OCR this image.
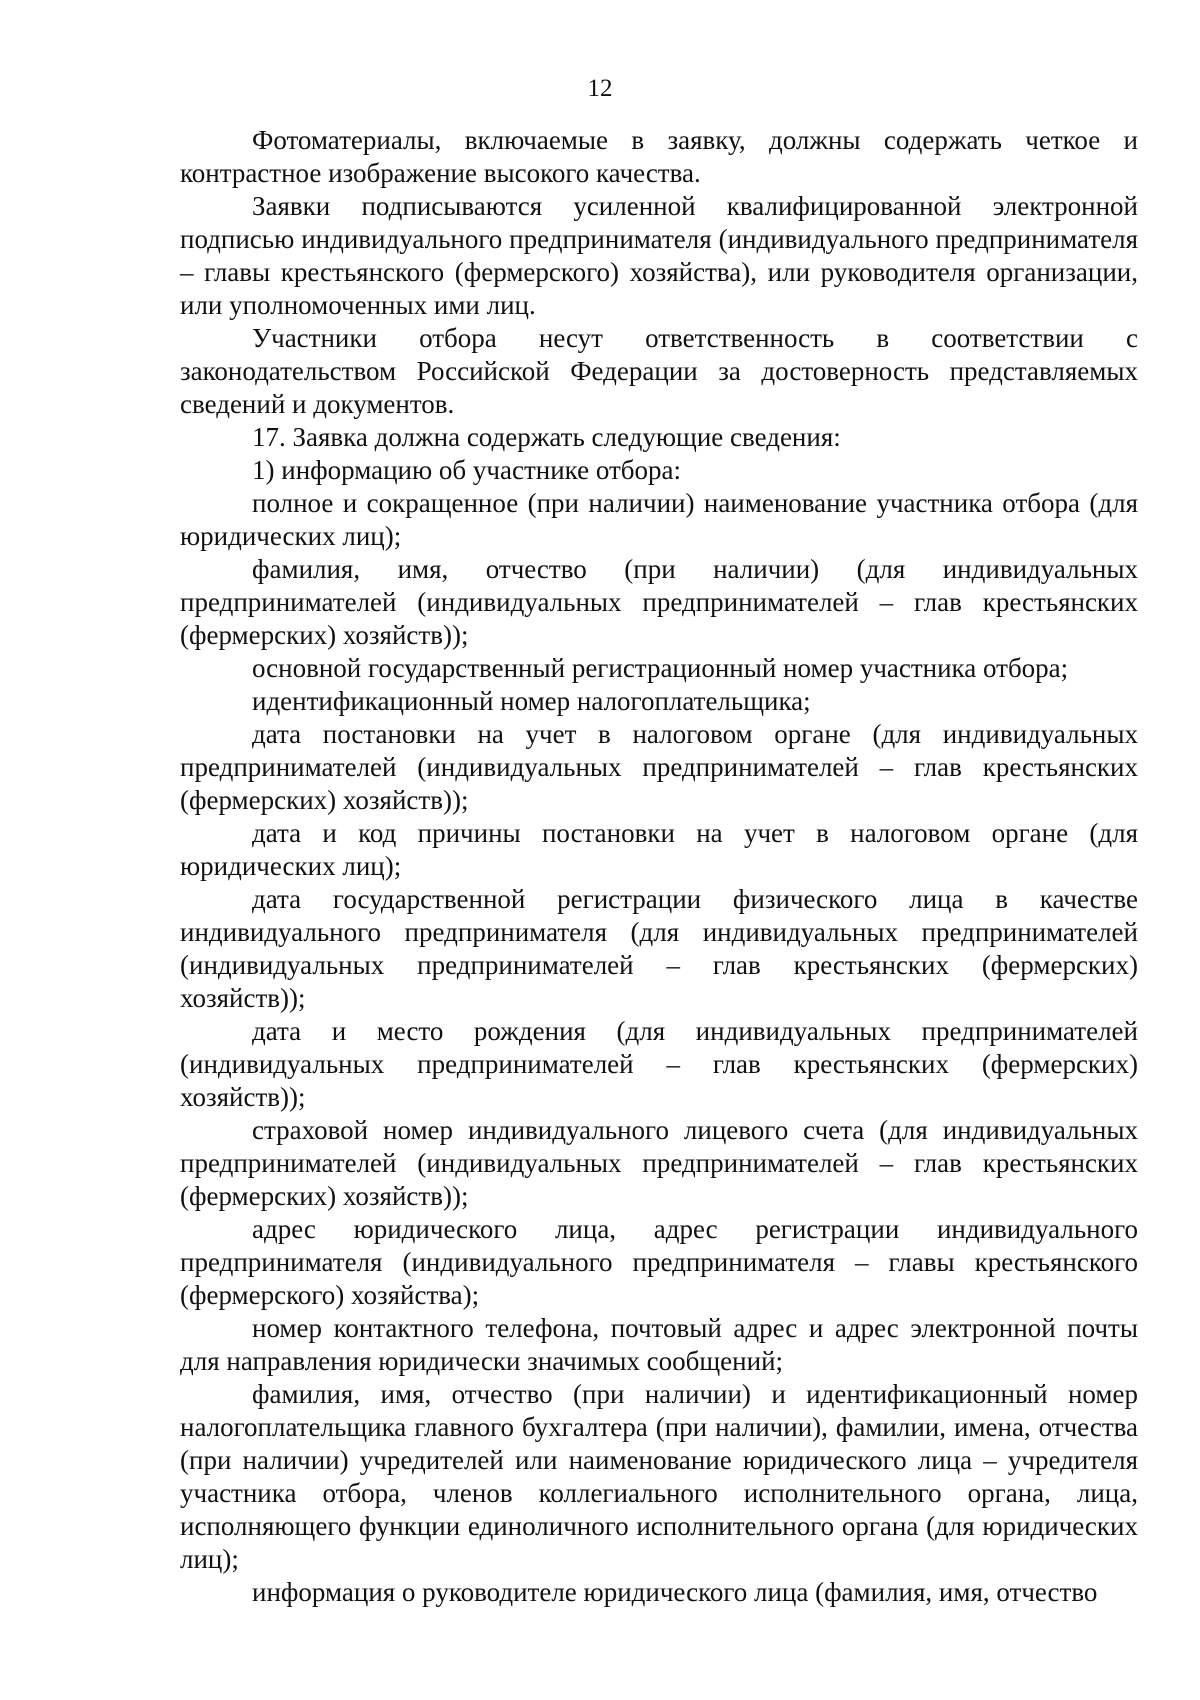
12

Фотоматериалы, включаемые в заявку, должны содержать четкое и контрастное изображение высокого качества.

Заявки подписываются усиленной квалифицированной электронной подписью индивидуального предпринимателя (индивидуального предпринимателя – главы крестьянского (фермерского) хозяйства), или руководителя организации, или уполномоченных ими лиц.

Участники отбора несут ответственность в соответствии с законодательством Российской Федерации за достоверность представляемых сведений и документов.

17. Заявка должна содержать следующие сведения:

1) информацию об участнике отбора:

полное и сокращенное (при наличии) наименование участника отбора (для юридических лиц);

фамилия, имя, отчество (при наличии) (для индивидуальных предпринимателей (индивидуальных предпринимателей – глав крестьянских (фермерских) хозяйств));

основной государственный регистрационный номер участника отбора;

идентификационный номер налогоплательщика;

дата постановки на учет в налоговом органе (для индивидуальных предпринимателей (индивидуальных предпринимателей – глав крестьянских (фермерских) хозяйств));

дата и код причины постановки на учет в налоговом органе (для юридических лиц);

дата государственной регистрации физического лица в качестве индивидуального предпринимателя (для индивидуальных предпринимателей (индивидуальных предпринимателей – глав крестьянских (фермерских) хозяйств));

дата и место рождения (для индивидуальных предпринимателей (индивидуальных предпринимателей – глав крестьянских (фермерских) хозяйств));

страховой номер индивидуального лицевого счета (для индивидуальных предпринимателей (индивидуальных предпринимателей – глав крестьянских (фермерских) хозяйств));

адрес юридического лица, адрес регистрации индивидуального предпринимателя (индивидуального предпринимателя – главы крестьянского (фермерского) хозяйства);

номер контактного телефона, почтовый адрес и адрес электронной почты для направления юридически значимых сообщений;

фамилия, имя, отчество (при наличии) и идентификационный номер налогоплательщика главного бухгалтера (при наличии), фамилии, имена, отчества (при наличии) учредителей или наименование юридического лица – учредителя участника отбора, членов коллегиального исполнительного органа, лица, исполняющего функции единоличного исполнительного органа (для юридических лиц);

информация о руководителе юридического лица (фамилия, имя, отчество
